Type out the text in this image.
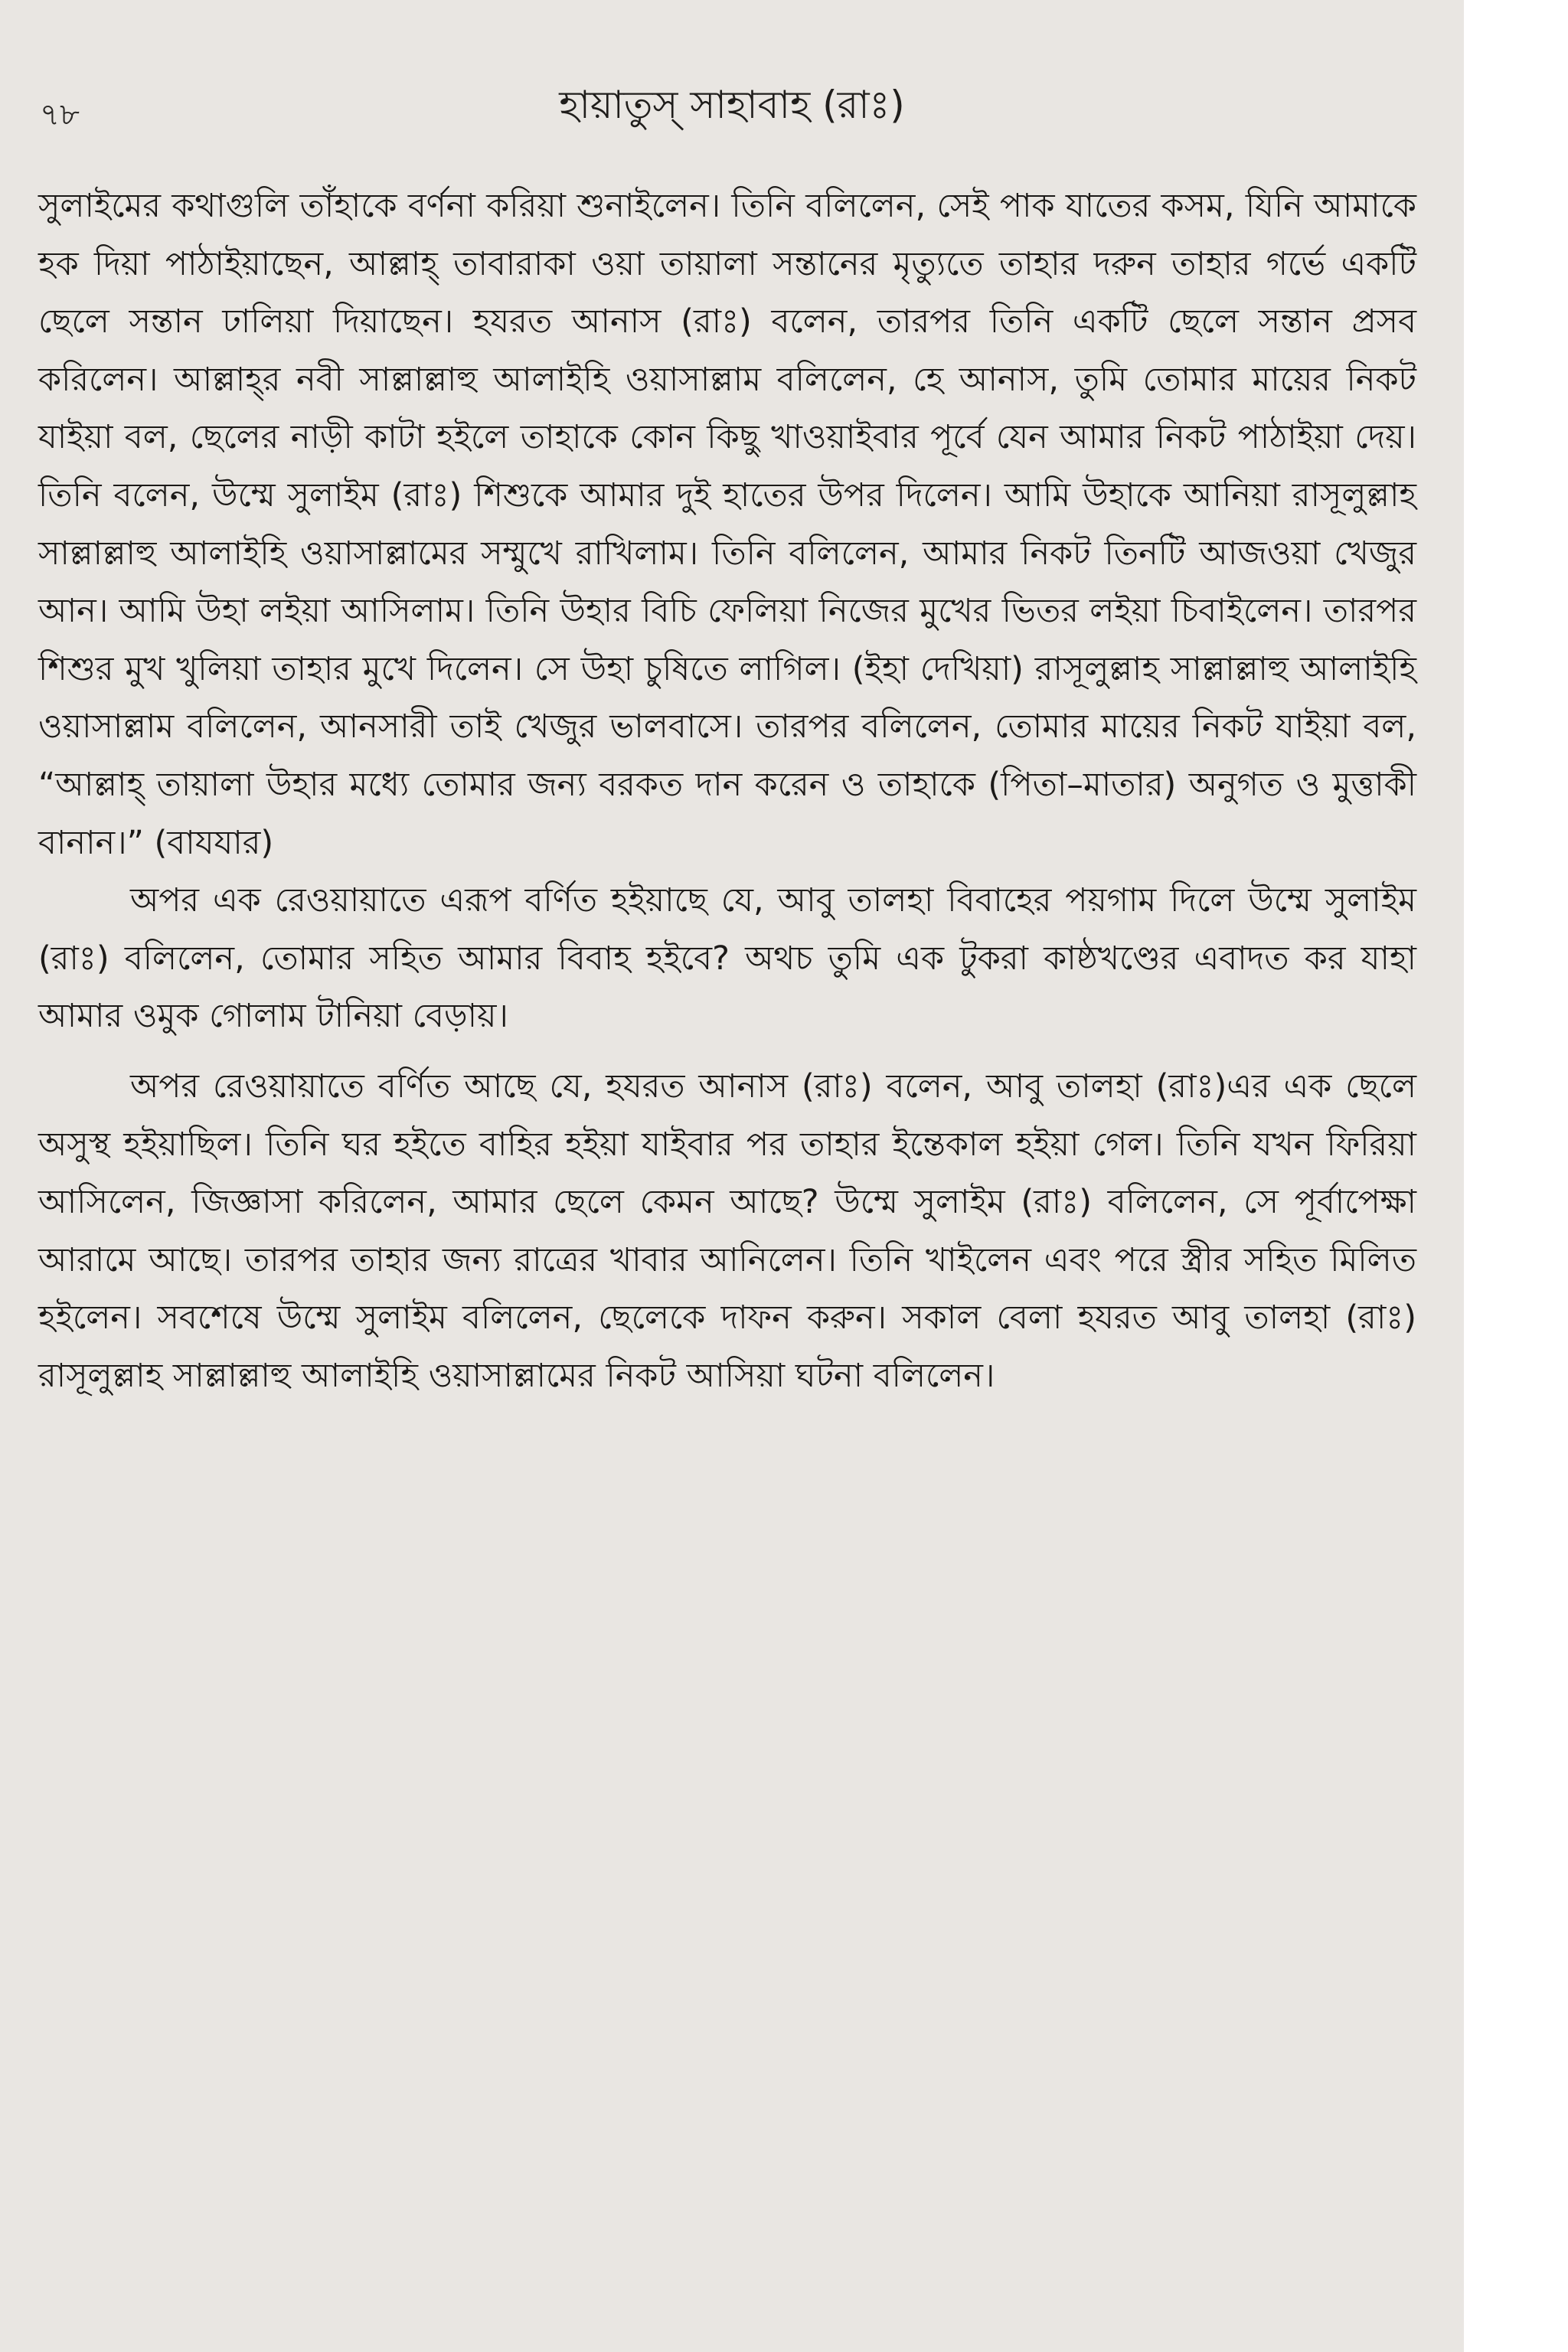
৭৮	হায়াতুস্ সাহাবাহ (রাঃ)

সুলাইমের কথাগুলি তাঁহাকে বর্ণনা করিয়া শুনাইলেন। তিনি বলিলেন, সেই পাক যাতের কসম, যিনি আমাকে হক দিয়া পাঠাইয়াছেন, আল্লাহ্ তাবারাকা ওয়া তায়ালা সন্তানের মৃত্যুতে তাহার দরুন তাহার গর্ভে একটি ছেলে সন্তান ঢালিয়া দিয়াছেন। হযরত আনাস (রাঃ) বলেন, তারপর তিনি একটি ছেলে সন্তান প্রসব করিলেন। আল্লাহ্‌র নবী সাল্লাল্লাহু আলাইহি ওয়াসাল্লাম বলিলেন, হে আনাস, তুমি তোমার মায়ের নিকট যাইয়া বল, ছেলের নাড়ী কাটা হইলে তাহাকে কোন কিছু খাওয়াইবার পূর্বে যেন আমার নিকট পাঠাইয়া দেয়। তিনি বলেন, উম্মে সুলাইম (রাঃ) শিশুকে আমার দুই হাতের উপর দিলেন। আমি উহাকে আনিয়া রাসূলুল্লাহ সাল্লাল্লাহু আলাইহি ওয়াসাল্লামের সম্মুখে রাখিলাম। তিনি বলিলেন, আমার নিকট তিনটি আজওয়া খেজুর আন। আমি উহা লইয়া আসিলাম। তিনি উহার বিচি ফেলিয়া নিজের মুখের ভিতর লইয়া চিবাইলেন। তারপর শিশুর মুখ খুলিয়া তাহার মুখে দিলেন। সে উহা চুষিতে লাগিল। (ইহা দেখিয়া) রাসূলুল্লাহ সাল্লাল্লাহু আলাইহি ওয়াসাল্লাম বলিলেন, আনসারী তাই খেজুর ভালবাসে। তারপর বলিলেন, তোমার মায়ের নিকট যাইয়া বল, “আল্লাহ্ তায়ালা উহার মধ্যে তোমার জন্য বরকত দান করেন ও তাহাকে (পিতা–মাতার) অনুগত ও মুত্তাকী বানান।” (বাযযার)

অপর এক রেওয়ায়াতে এরূপ বর্ণিত হইয়াছে যে, আবু তালহা বিবাহের পয়গাম দিলে উম্মে সুলাইম (রাঃ) বলিলেন, তোমার সহিত আমার বিবাহ হইবে? অথচ তুমি এক টুকরা কাষ্ঠখণ্ডের এবাদত কর যাহা আমার ওমুক গোলাম টানিয়া বেড়ায়।

অপর রেওয়ায়াতে বর্ণিত আছে যে, হযরত আনাস (রাঃ) বলেন, আবু তালহা (রাঃ)এর এক ছেলে অসুস্থ হইয়াছিল। তিনি ঘর হইতে বাহির হইয়া যাইবার পর তাহার ইন্তেকাল হইয়া গেল। তিনি যখন ফিরিয়া আসিলেন, জিজ্ঞাসা করিলেন, আমার ছেলে কেমন আছে? উম্মে সুলাইম (রাঃ) বলিলেন, সে পূর্বাপেক্ষা আরামে আছে। তারপর তাহার জন্য রাত্রের খাবার আনিলেন। তিনি খাইলেন এবং পরে স্ত্রীর সহিত মিলিত হইলেন। সবশেষে উম্মে সুলাইম বলিলেন, ছেলেকে দাফন করুন। সকাল বেলা হযরত আবু তালহা (রাঃ) রাসূলুল্লাহ সাল্লাল্লাহু আলাইহি ওয়াসাল্লামের নিকট আসিয়া ঘটনা বলিলেন।
